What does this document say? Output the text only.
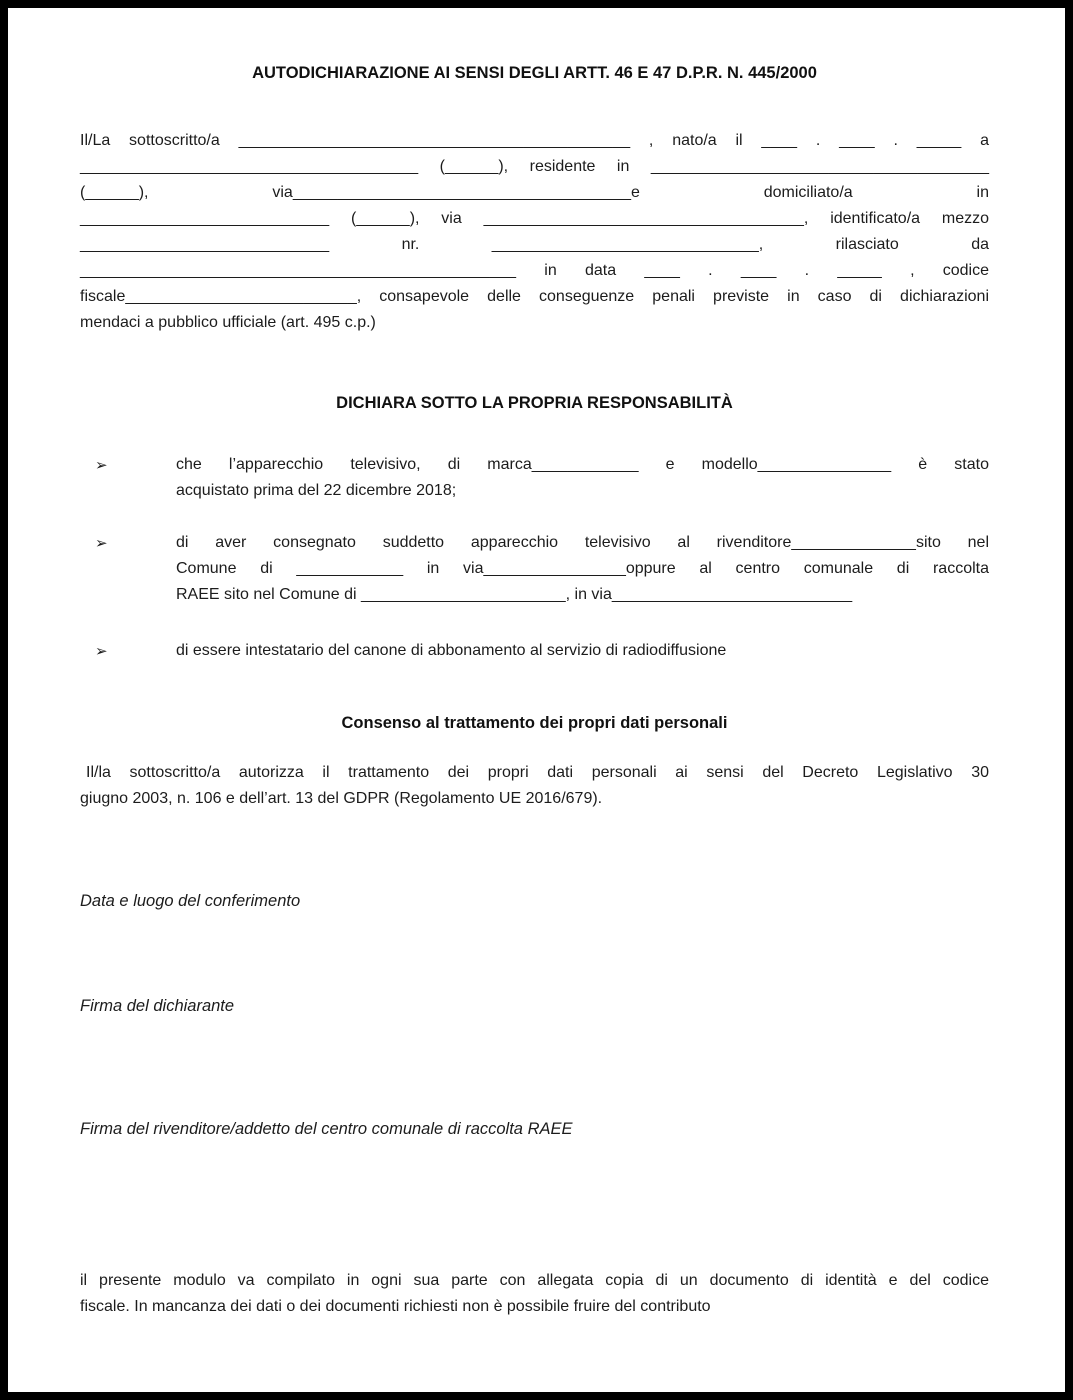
AUTODICHIARAZIONE AI SENSI DEGLI ARTT. 46 E 47 D.P.R. N. 445/2000
Il/La sottoscritto/a ____________________________________________ , nato/a il ____ . ____ . _____ a
______________________________________ (______), residente in ______________________________________
(______), via______________________________________e domiciliato/a in
____________________________ (______), via ____________________________________, identificato/a mezzo
____________________________ nr. ______________________________, rilasciato da
_________________________________________________ in data ____ . ____ . _____ , codice
fiscale__________________________, consapevole delle conseguenze penali previste in caso di dichiarazioni
mendaci a pubblico ufficiale (art. 495 c.p.)
DICHIARA SOTTO LA PROPRIA RESPONSABILITÀ
➢	che l’apparecchio televisivo, di marca____________ e modello_______________ è stato
acquistato prima del 22 dicembre 2018;
➢	di aver consegnato suddetto apparecchio televisivo al rivenditore______________sito nel
Comune di ____________ in via________________oppure al centro comunale di raccolta
RAEE sito nel Comune di _______________________, in via___________________________
➢	di essere intestatario del canone di abbonamento al servizio di radiodiffusione
Consenso al trattamento dei propri dati personali
Il/la sottoscritto/a autorizza il trattamento dei propri dati personali ai sensi del Decreto Legislativo 30
giugno 2003, n. 106 e dell’art. 13 del GDPR (Regolamento UE 2016/679).
Data e luogo del conferimento
Firma del dichiarante
Firma del rivenditore/addetto del centro comunale di raccolta RAEE
il presente modulo va compilato in ogni sua parte con allegata copia di un documento di identità e del codice
fiscale. In mancanza dei dati o dei documenti richiesti non è possibile fruire del contributo
